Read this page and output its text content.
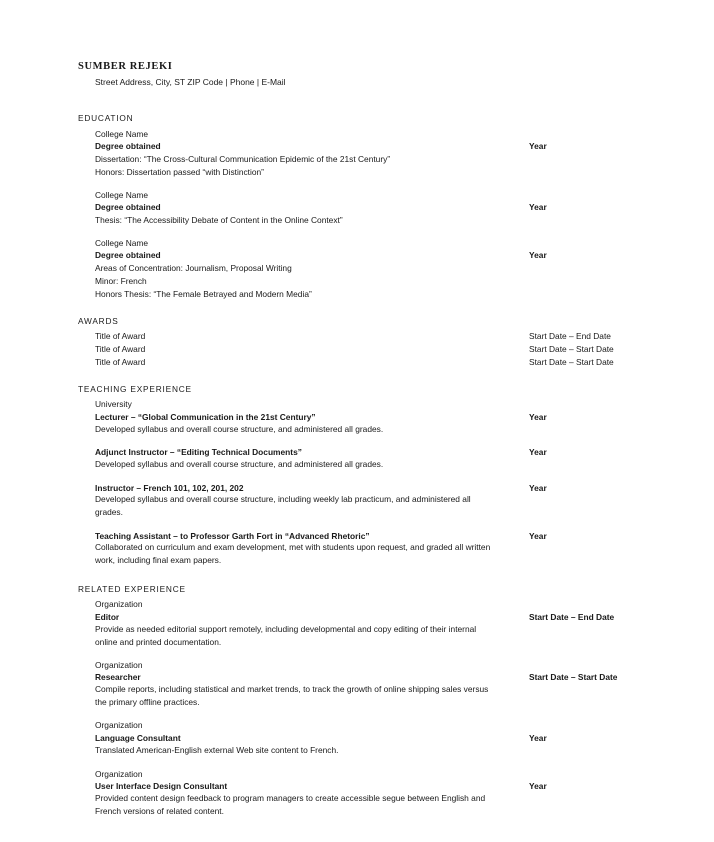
SUMBER REJEKI
Street Address, City, ST ZIP Code | Phone | E-Mail
EDUCATION
College Name
Degree obtained	Year
Dissertation: “The Cross-Cultural Communication Epidemic of the 21st Century”
Honors: Dissertation passed “with Distinction”
College Name
Degree obtained	Year
Thesis: “The Accessibility Debate of Content in the Online Context”
College Name
Degree obtained	Year
Areas of Concentration: Journalism, Proposal Writing
Minor: French
Honors Thesis: “The Female Betrayed and Modern Media”
AWARDS
Title of Award	Start Date – End Date
Title of Award	Start Date – Start Date
Title of Award	Start Date – Start Date
TEACHING EXPERIENCE
University
Lecturer – “Global Communication in the 21st Century”	Year
Developed syllabus and overall course structure, and administered all grades.
Adjunct Instructor – “Editing Technical Documents”	Year
Developed syllabus and overall course structure, and administered all grades.
Instructor – French 101, 102, 201, 202	Year
Developed syllabus and overall course structure, including weekly lab practicum, and administered all grades.
Teaching Assistant – to Professor Garth Fort in “Advanced Rhetoric”	Year
Collaborated on curriculum and exam development, met with students upon request, and graded all written work, including final exam papers.
RELATED EXPERIENCE
Organization
Editor	Start Date – End Date
Provide as needed editorial support remotely, including developmental and copy editing of their internal online and printed documentation.
Organization
Researcher	Start Date – Start Date
Compile reports, including statistical and market trends, to track the growth of online shipping sales versus the primary offline practices.
Organization
Language Consultant	Year
Translated American-English external Web site content to French.
Organization
User Interface Design Consultant	Year
Provided content design feedback to program managers to create accessible segue between English and French versions of related content.
